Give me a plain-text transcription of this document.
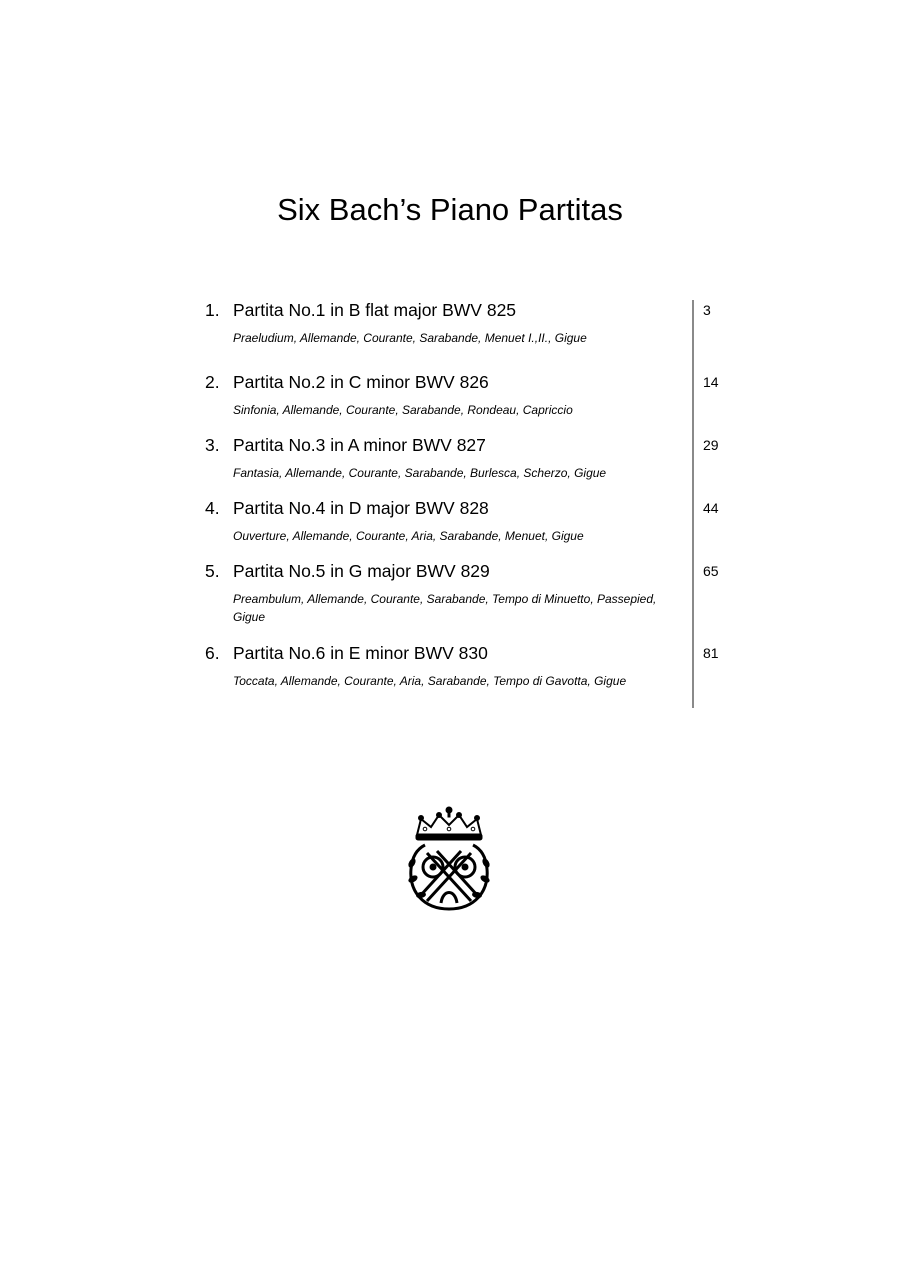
Six Bach’s Piano Partitas
1. Partita No.1 in B flat major BWV 825
Praeludium, Allemande, Courante, Sarabande, Menuet I.,II., Gigue
3
2. Partita No.2 in C minor BWV 826
Sinfonia, Allemande, Courante, Sarabande, Rondeau, Capriccio
14
3. Partita No.3 in A minor BWV 827
Fantasia, Allemande, Courante, Sarabande, Burlesca, Scherzo, Gigue
29
4. Partita No.4 in D major BWV 828
Ouverture, Allemande, Courante, Aria, Sarabande, Menuet, Gigue
44
5. Partita No.5 in G major BWV 829
Preambulum, Allemande, Courante, Sarabande, Tempo di Minuetto, Passepied, Gigue
65
6. Partita No.6 in E minor BWV 830
Toccata, Allemande, Courante, Aria, Sarabande, Tempo di Gavotta, Gigue
81
